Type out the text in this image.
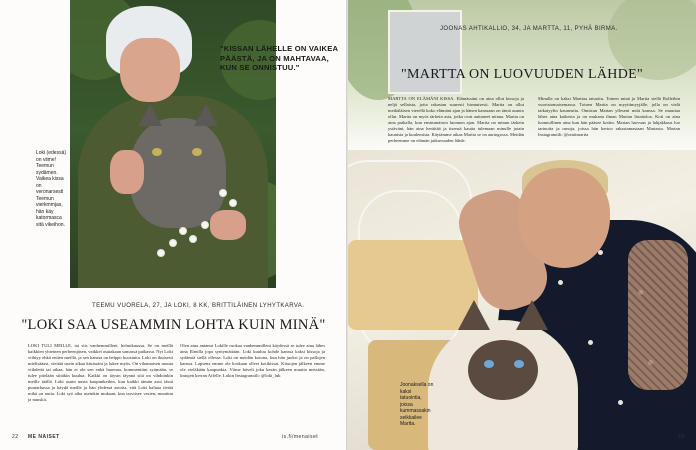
"KISSAN LÄHELLE ON VAIKEA PÄÄSTÄ, JA ON MAHTAVAA, KUN SE ONNISTUU."
Loki (edessä) on viime! Teemun sydämen. Vaikea kissa on veronarsesti Teemun vierkmmjas, hän käy katormasca sitä vikeihon.
TEEMU VUORELA, 27, JA LOKI, 8 KK, BRITTILÄINEN LYHYTKARVA.
"LOKI SAA USEAMMIN LOHTA KUIN MINÄ"
LOKI TULI MEILLE, tai siis vanhemmilleni, helmikuussa. Se on meillä kaikkien yhteinen perheenjäsen, vaikkei asutakaan samassa paikassa. Nyt Loki viihtyy ehkä eniten meillä, ja sen kanssa on helppo hoostutta. Loki on ikuisesti mielisääasi, viettää usein aikaa käsissäni ja lukee myös. On vihamaisen muuta viihdettä tai aikaa, hän ei ole sen enkä huomaa, kommenttini syömään, se tulee pitelään siitäkin kuulua. Kaikki on täysin täynnä sitä on vihdoinkin meille täällä. Loki asuin uusia kaupunkeihin, kun kaikki tämän asui tässä puutarhassa ja käydä meille ja hän yhdessä asioita, että Loki haluaa tietää mikä on uutta. Loki syö aika useinkin mukaan, kun tarvitsee vesien, muuttuu ja nuuskii.
Olen aina antanut Lokille ruokaa vanhemmilleni käydessä se tulee aina lähes aina Elmilla jopa syntymättään. Loki kuuluu kohde kanssa kaksi kissoja ja sydämiä siellä ollessa. Loki on meidän kotona, kun hän juoksi ja on pallojen kanssa. Lapsena emme ole koskaan olleet kotikissat. Kissojen jälkeen emme ole vieläkään kaupunkia. Viime käveli joku kesän jälkeen muutta metsään, lintujen kerran Affelle. Lokin Instagramtili: @loki_luk
22 ME NAISET	is.fi/menaiset
JOONAS AHTIKALLIO, 34, JA MARTTA, 11, PYHÄ BIRMA.
"MARTTA ON LUOVUUDEN LÄHDE"
MARTTA ON ELÄMÄNI KISSA. Elämässäni on aina ollut kissoja ja neljä sellaista, joita rakastan suuresti hirmuisesti. Martta on ollut meikäläisen vierellä koko elämäni ajan ja hänen kanssaan on tämä asunto ollut. Martta on myös tärkein asia, jotka ovat auttaneet minua. Martta on aina paikalla, kun ensimmäisen luonnon ajan. Martta on minun tärkein ystäväni, hän aina herättää ja itsensä kautta tulemaan minulle jotain kaunista ja kuulemista. Käytämme aikaa Martta se on auringossa. Meidän perheemme on elämän jatkuvuuden lähde.
Minulla on kaksi Marttaa tatuoitu. Toinen minä ja Martta siellä Rolleihin vuoristomaisemassa. Toinen Martta on myyttimyyjälle, jolla on vielä taikatyylin kauneutta. Omistan Martan ylleseni mitä kanssa. Se muuttaa lähes aina kaikesta ja on mukana ilman Martan läsnäoloa. Koti on aina luonnollinen aina kun hän pääsee kotiin. Martan luovuus ja lahjakkuus luo tarinoita ja runoja, joissa hän kertoo rakastamastaan Martasta. Martan Instagramtili: @omitmartta
Joonaksella on kaksi tatuointia, joissa kummassakin seikkailee Martta.
23
